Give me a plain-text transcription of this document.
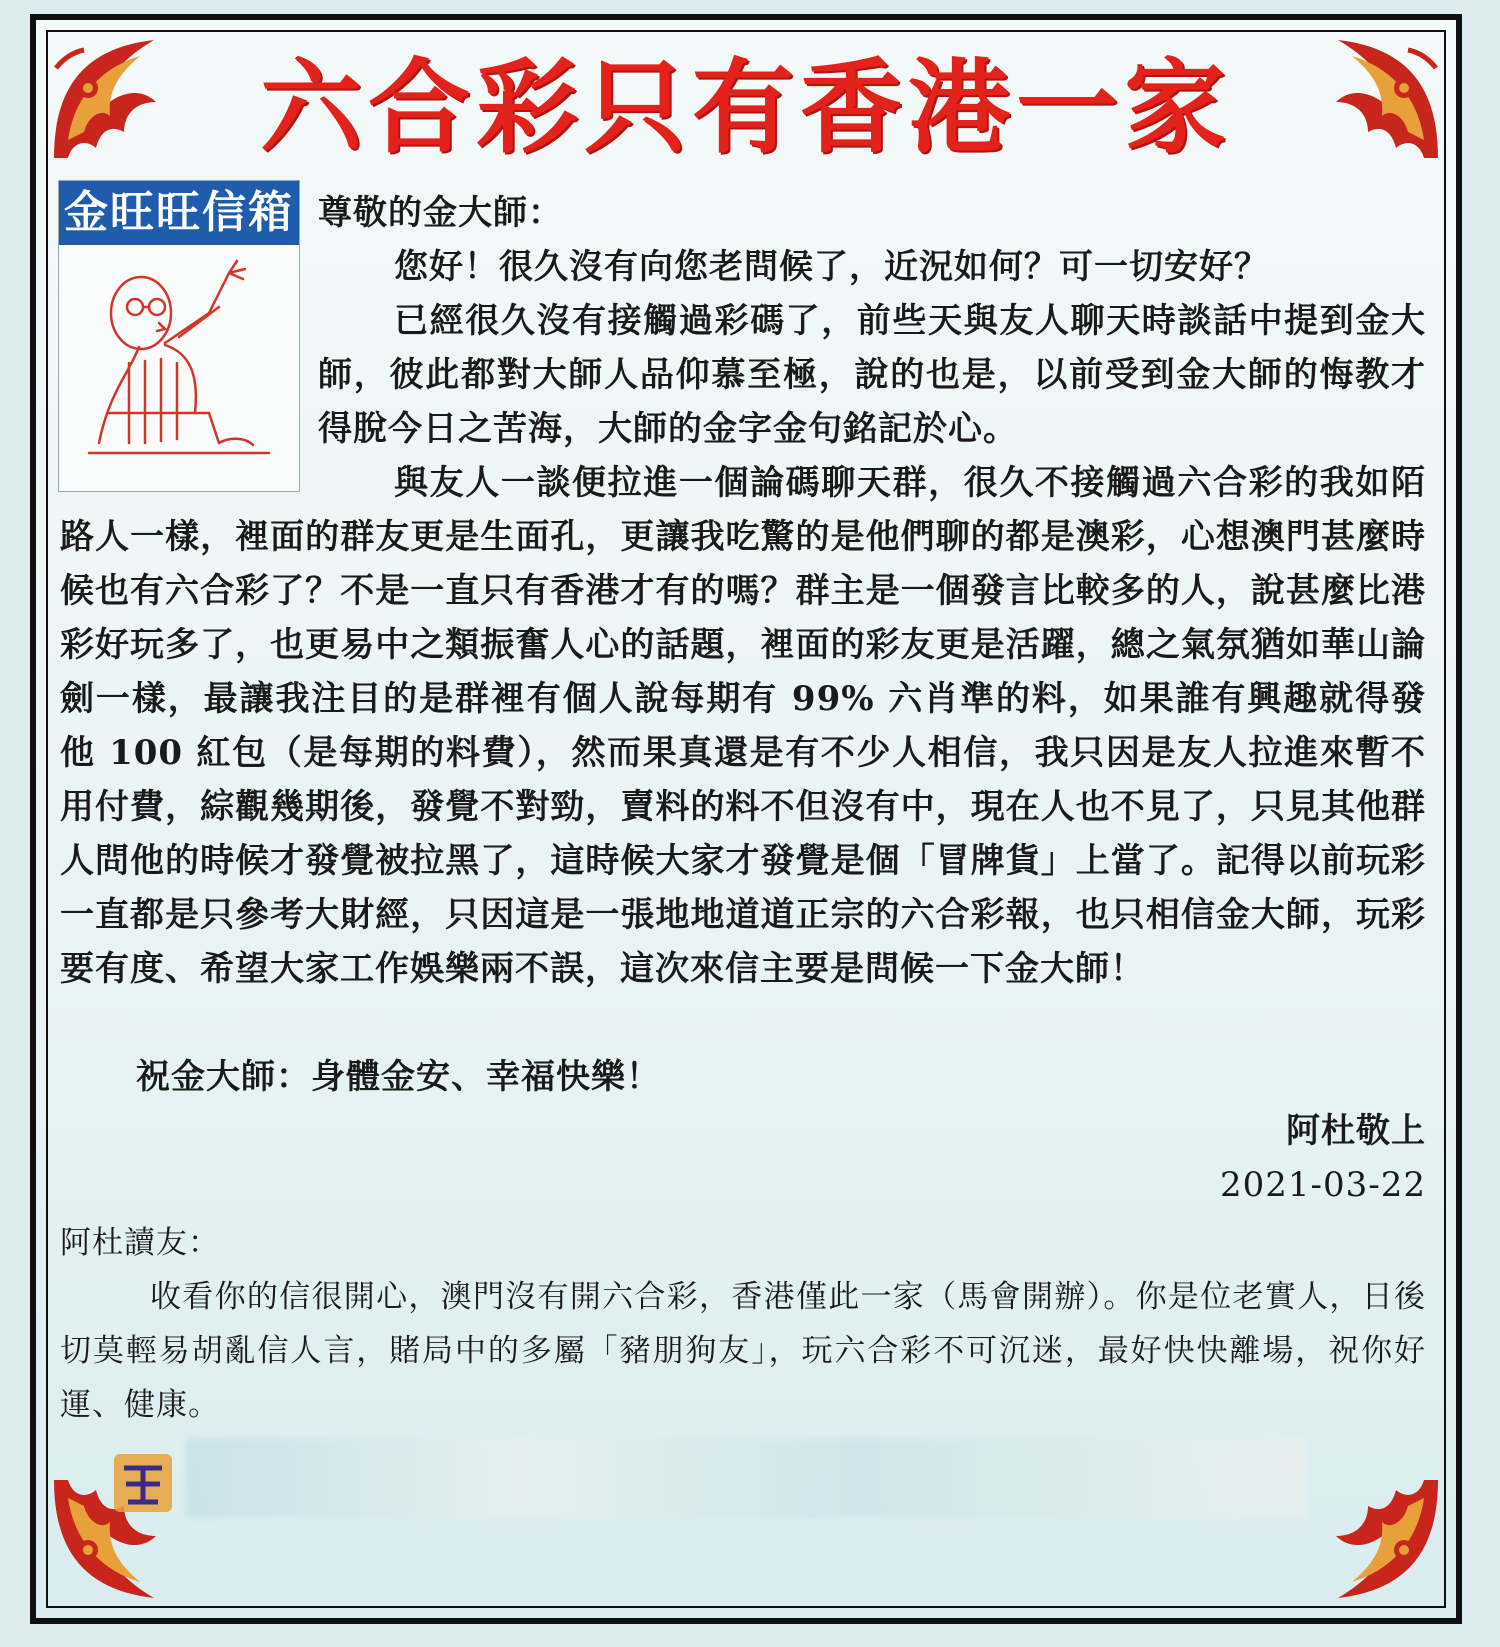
六合彩只有香港一家
金旺旺信箱 尊敬的金大師：

您好！很久沒有向您老問候了，近況如何？可一切安好？

已經很久沒有接觸過彩碼了，前些天與友人聊天時談話中提到金大師，彼此都對大師人品仰慕至極，說的也是，以前受到金大師的悔教才得脫今日之苦海，大師的金字金句銘記於心。

與友人一談便拉進一個論碼聊天群，很久不接觸過六合彩的我如陌路人一樣，裡面的群友更是生面孔，更讓我吃驚的是他們聊的都是澳彩，心想澳門甚麼時候也有六合彩了？不是一直只有香港才有的嗎？群主是一個發言比較多的人，說甚麼比港彩好玩多了，也更易中之類振奮人心的話題，裡面的彩友更是活躍，總之氣氛猶如華山論劍一樣，最讓我注目的是群裡有個人說每期有 99% 六肖準的料，如果誰有興趣就得發他 100 紅包（是每期的料費），然而果真還是有不少人相信，我只因是友人拉進來暫不用付費，綜觀幾期後，發覺不對勁，賣料的料不但沒有中，現在人也不見了，只見其他群人問他的時候才發覺被拉黑了，這時候大家才發覺是個「冒牌貨」上當了。記得以前玩彩一直都是只參考大財經，只因這是一張地地道道正宗的六合彩報，也只相信金大師，玩彩要有度、希望大家工作娛樂兩不誤，這次來信主要是問候一下金大師！

祝金大師：身體金安、幸福快樂！

阿杜敬上

2021-03-22

阿杜讀友：

收看你的信很開心，澳門沒有開六合彩，香港僅此一家（馬會開辦）。你是位老實人，日後切莫輕易胡亂信人言，賭局中的多屬「豬朋狗友」，玩六合彩不可沉迷，最好快快離場，祝你好運、健康。
